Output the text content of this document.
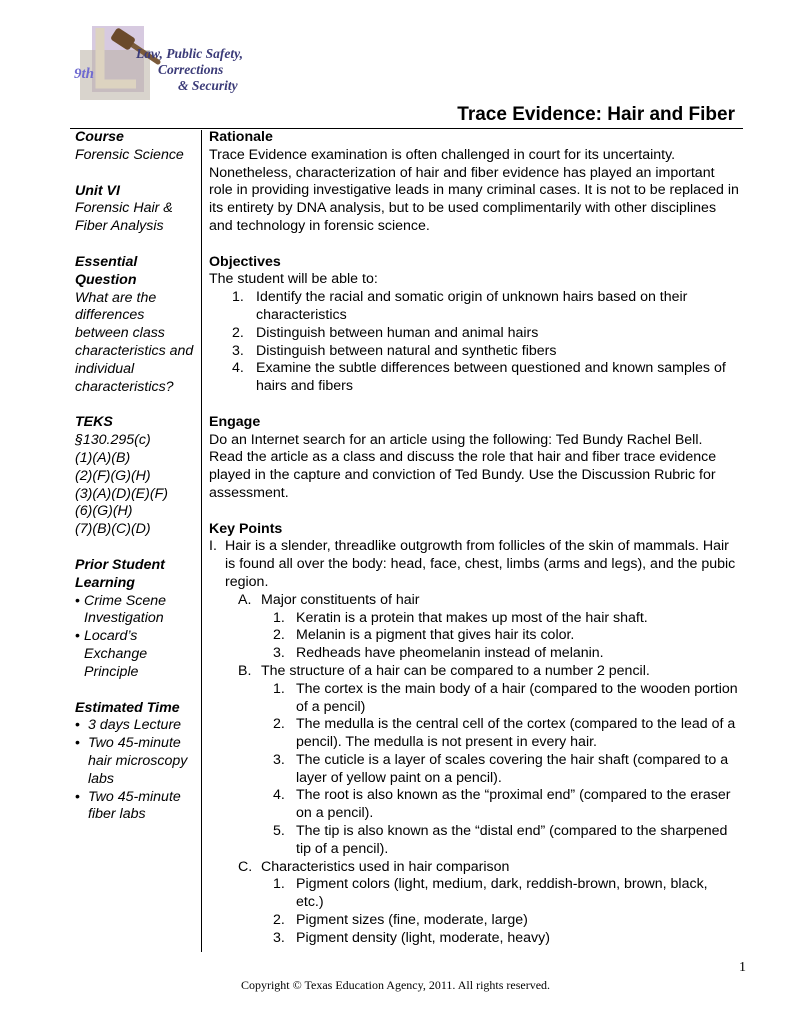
9th
Law, Public Safety,
Corrections
& Security
Trace Evidence: Hair and Fiber
Course
Forensic Science
Unit VI
Forensic Hair & Fiber Analysis
Essential Question
What are the differences between class characteristics and individual characteristics?
TEKS
§130.295(c)
(1)(A)(B)
(2)(F)(G)(H)
(3)(A)(D)(E)(F)
(6)(G)(H)
(7)(B)(C)(D)
Prior Student Learning
• Crime Scene Investigation
• Locard’s Exchange Principle
Estimated Time
• 3 days Lecture
• Two 45-minute hair microscopy labs
• Two 45-minute fiber labs

Rationale

Trace Evidence examination is often challenged in court for its uncertainty. Nonetheless, characterization of hair and fiber evidence has played an important role in providing investigative leads in many criminal cases. It is not to be replaced in its entirety by DNA analysis, but to be used complimentarily with other disciplines and technology in forensic science.

Objectives

The student will be able to:

1. Identify the racial and somatic origin of unknown hairs based on their characteristics
2. Distinguish between human and animal hairs
3. Distinguish between natural and synthetic fibers
4. Examine the subtle differences between questioned and known samples of hairs and fibers

Engage

Do an Internet search for an article using the following: Ted Bundy Rachel Bell. Read the article as a class and discuss the role that hair and fiber trace evidence played in the capture and conviction of Ted Bundy. Use the Discussion Rubric for assessment.

Key Points

I. Hair is a slender, threadlike outgrowth from follicles of the skin of mammals. Hair is found all over the body: head, face, chest, limbs (arms and legs), and the pubic region.
A. Major constituents of hair
1. Keratin is a protein that makes up most of the hair shaft.
2. Melanin is a pigment that gives hair its color.
3. Redheads have pheomelanin instead of melanin.
B. The structure of a hair can be compared to a number 2 pencil.
1. The cortex is the main body of a hair (compared to the wooden portion of a pencil)
2. The medulla is the central cell of the cortex (compared to the lead of a pencil). The medulla is not present in every hair.
3. The cuticle is a layer of scales covering the hair shaft (compared to a layer of yellow paint on a pencil).
4. The root is also known as the “proximal end” (compared to the eraser on a pencil).
5. The tip is also known as the “distal end” (compared to the sharpened tip of a pencil).
C. Characteristics used in hair comparison
1. Pigment colors (light, medium, dark, reddish-brown, brown, black, etc.)
2. Pigment sizes (fine, moderate, large)
3. Pigment density (light, moderate, heavy)
1
Copyright © Texas Education Agency, 2011. All rights reserved.
